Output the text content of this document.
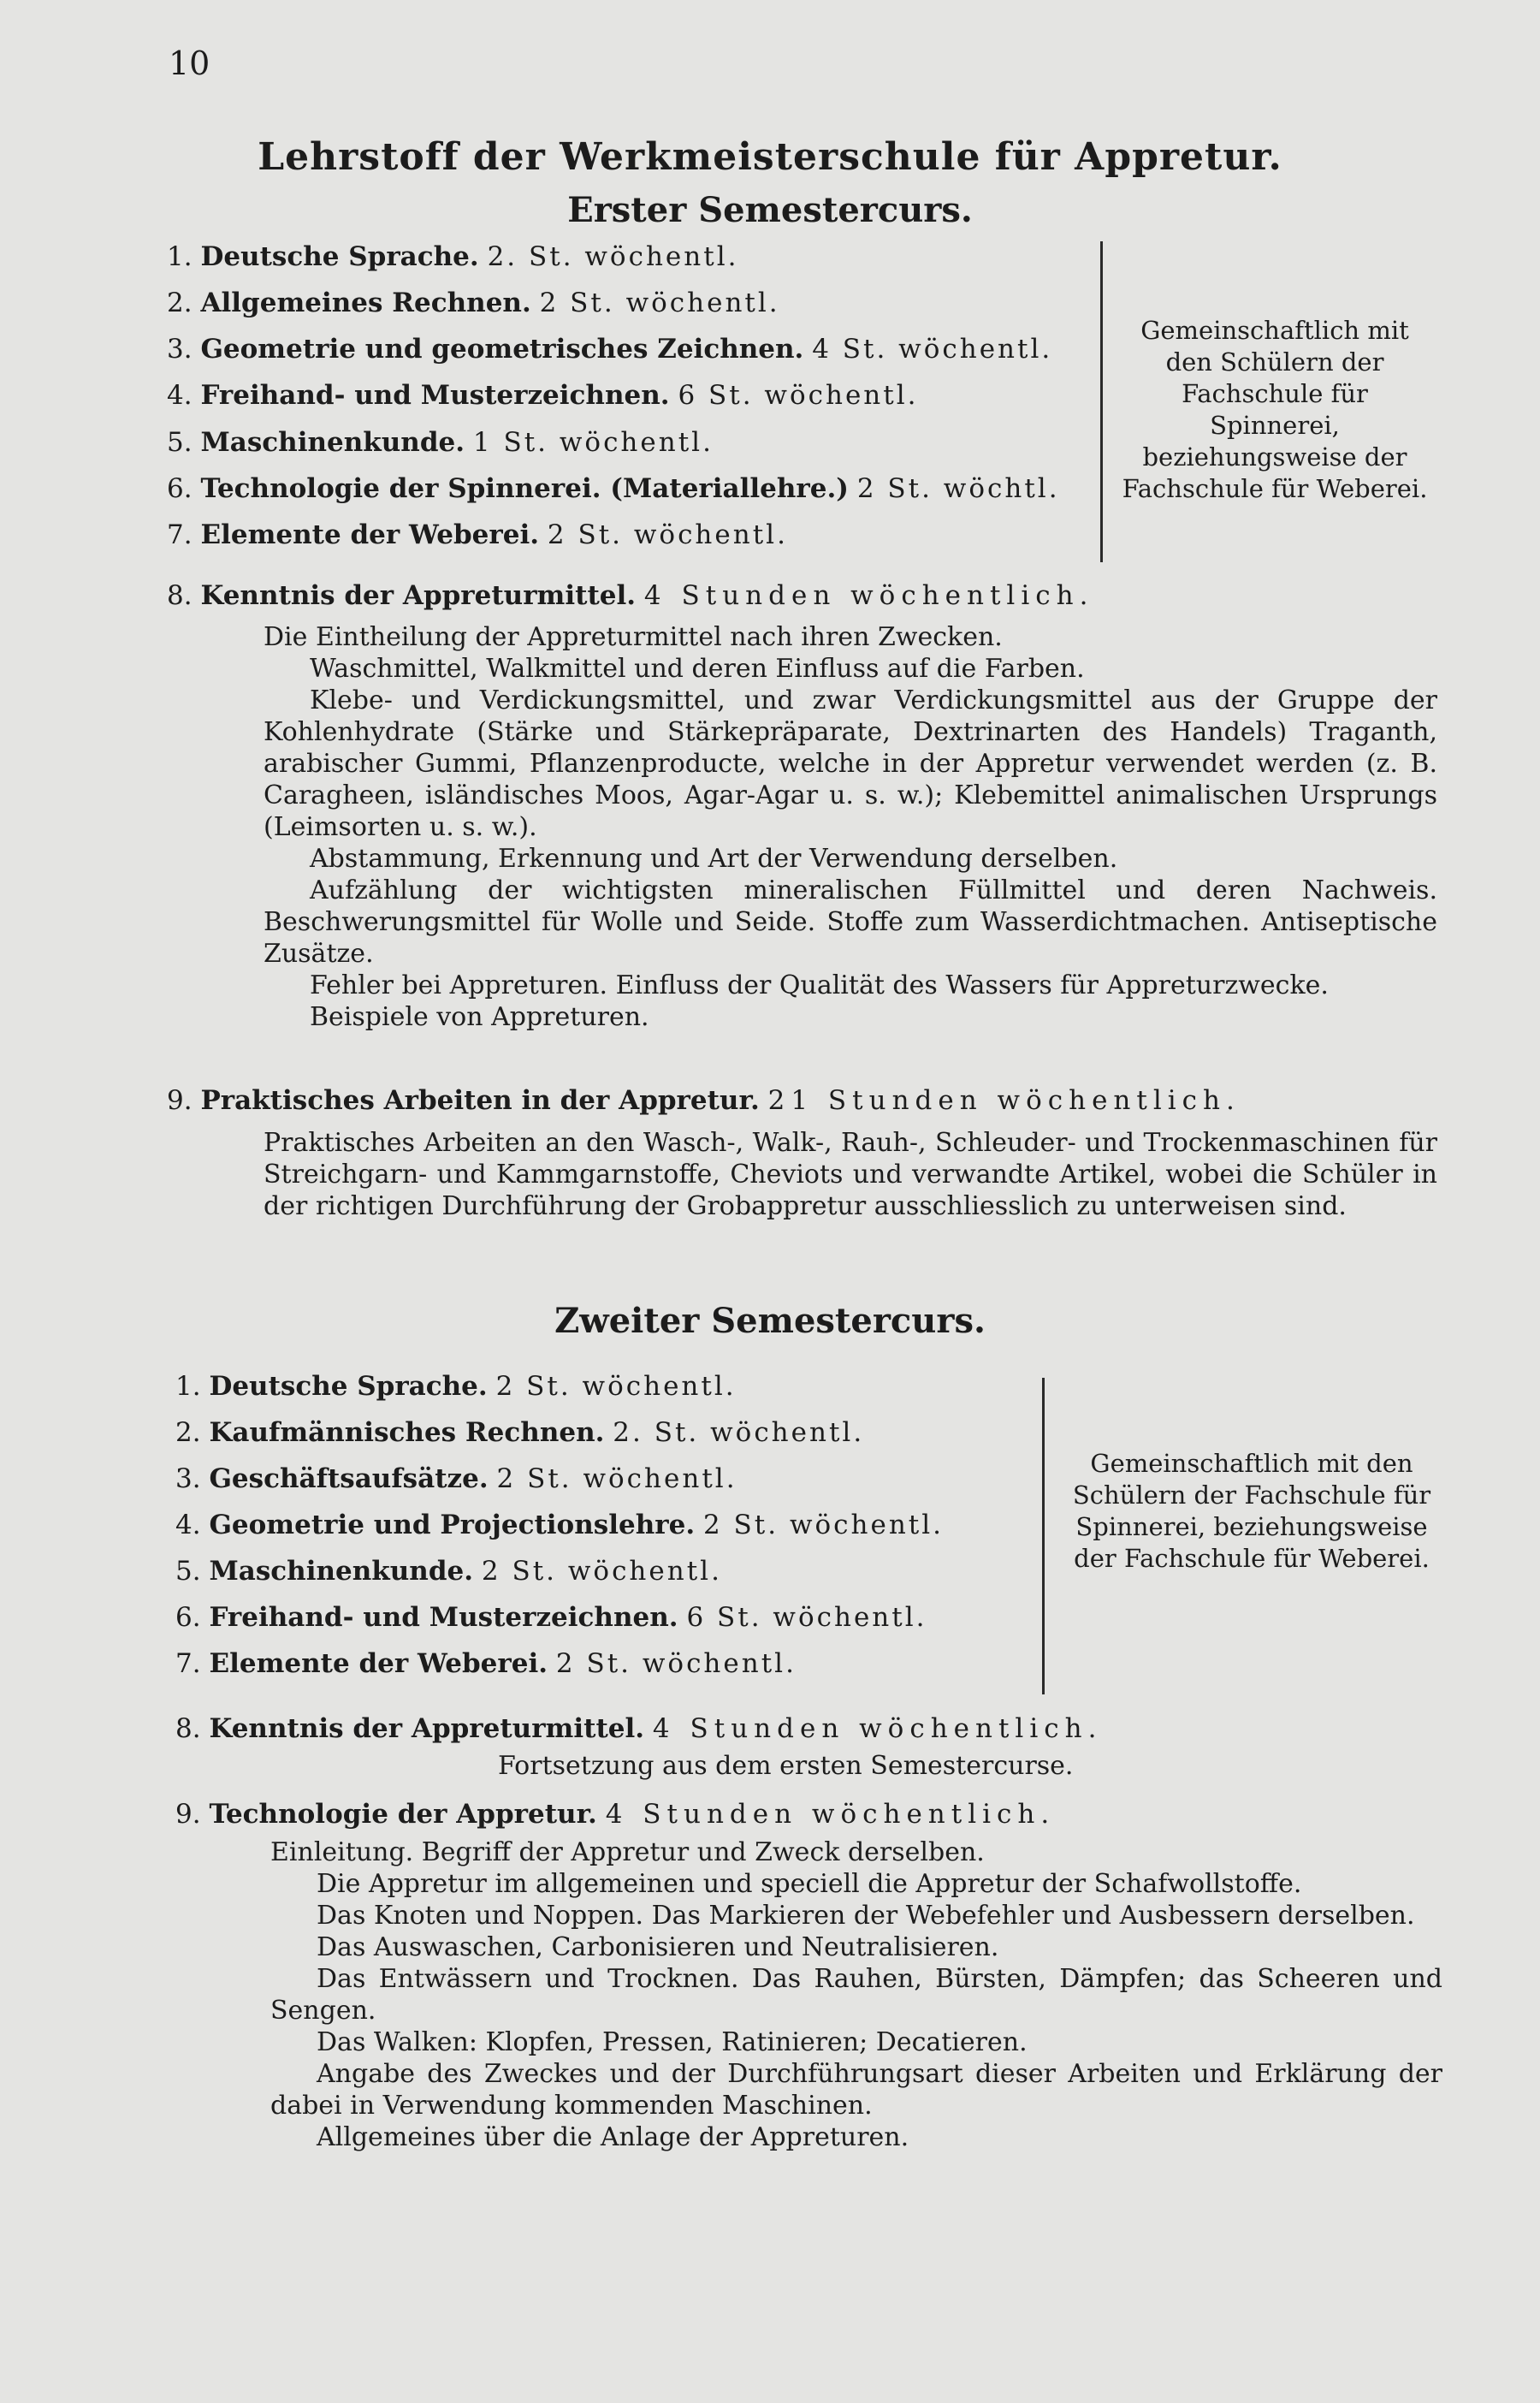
10
Lehrstoff der Werkmeisterschule für Appretur.
Erster Semestercurs.
1. Deutsche Sprache. 2. St. wöchentl.
2. Allgemeines Rechnen. 2 St. wöchentl.
3. Geometrie und geometrisches Zeichnen. 4 St. wöchentl.
4. Freihand- und Musterzeichnen. 6 St. wöchentl.
5. Maschinenkunde. 1 St. wöchentl.
6. Technologie der Spinnerei. (Materiallehre.) 2 St. wöchtl.
7. Elemente der Weberei. 2 St. wöchentl.
Gemeinschaftlich mit den Schülern der Fachschule für Spinnerei, beziehungsweise der Fachschule für Weberei.
8. Kenntnis der Appreturmittel. 4 Stunden wöchentlich.

Die Eintheilung der Appreturmittel nach ihren Zwecken.

Waschmittel, Walkmittel und deren Einfluss auf die Farben.

Klebe- und Verdickungsmittel, und zwar Verdickungsmittel aus der Gruppe der Kohlenhydrate (Stärke und Stärkepräparate, Dextrinarten des Handels) Traganth, arabischer Gummi, Pflanzenproducte, welche in der Appretur verwendet werden (z. B. Caragheen, isländisches Moos, Agar-Agar u. s. w.); Klebemittel animalischen Ursprungs (Leimsorten u. s. w.).

Abstammung, Erkennung und Art der Verwendung derselben.

Aufzählung der wichtigsten mineralischen Füllmittel und deren Nachweis. Beschwerungsmittel für Wolle und Seide. Stoffe zum Wasserdichtmachen. Antiseptische Zusätze.

Fehler bei Appreturen. Einfluss der Qualität des Wassers für Appreturzwecke.

Beispiele von Appreturen.

9. Praktisches Arbeiten in der Appretur. 21 Stunden wöchentlich.

Praktisches Arbeiten an den Wasch-, Walk-, Rauh-, Schleuder- und Trockenmaschinen für Streichgarn- und Kammgarnstoffe, Cheviots und verwandte Artikel, wobei die Schüler in der richtigen Durchführung der Grobappretur ausschliesslich zu unterweisen sind.

Zweiter Semestercurs.
1. Deutsche Sprache. 2 St. wöchentl.
2. Kaufmännisches Rechnen. 2. St. wöchentl.
3. Geschäftsaufsätze. 2 St. wöchentl.
4. Geometrie und Projectionslehre. 2 St. wöchentl.
5. Maschinenkunde. 2 St. wöchentl.
6. Freihand- und Musterzeichnen. 6 St. wöchentl.
7. Elemente der Weberei. 2 St. wöchentl.
Gemeinschaftlich mit den Schülern der Fachschule für Spinnerei, beziehungsweise der Fachschule für Weberei.
8. Kenntnis der Appreturmittel. 4 Stunden wöchentlich.
Fortsetzung aus dem ersten Semestercurse.
9. Technologie der Appretur. 4 Stunden wöchentlich.

Einleitung. Begriff der Appretur und Zweck derselben.

Die Appretur im allgemeinen und speciell die Appretur der Schafwollstoffe.

Das Knoten und Noppen. Das Markieren der Webefehler und Ausbessern derselben.

Das Auswaschen, Carbonisieren und Neutralisieren.

Das Entwässern und Trocknen. Das Rauhen, Bürsten, Dämpfen; das Scheeren und Sengen.

Das Walken: Klopfen, Pressen, Ratinieren; Decatieren.

Angabe des Zweckes und der Durchführungsart dieser Arbeiten und Erklärung der dabei in Verwendung kommenden Maschinen.

Allgemeines über die Anlage der Appreturen.
